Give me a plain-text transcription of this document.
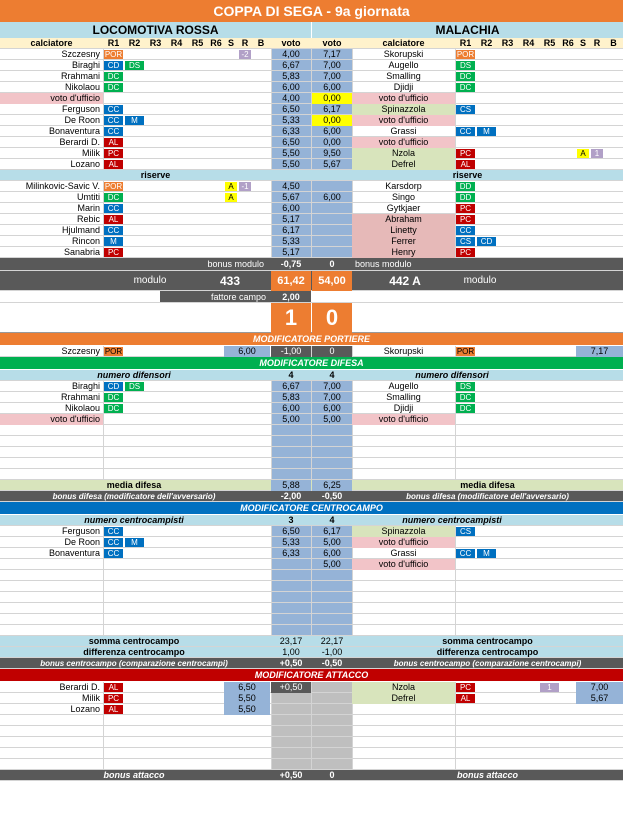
COPPA DI SEGA - 9a giornata
LOCOMOTIVA ROSSA	MALACHIA
calciatore	R1	R2	R3	R4	R5 R6 S R	B	voto	voto	calciatore	R1	R2	R3	R4	R5 R6 S R	B
Szczesny POR	-2	4,00	7,17	Skorupski	POR
Biraghi CD	DS	6,67	7,00	Augello	DS
Rrahmani DC	5,83	7,00	Smalling	DC
Nikolaou DC	6,00	6,00	Djidji	DC
voto d'ufficio	4,00	0,00	voto d'ufficio
Ferguson CC	6,50	6,17	Spinazzola	CS
De Roon CC	M	5,33	0,00	voto d'ufficio
Bonaventura CC	6,33	6,00	Grassi	CC	M
Berardi D.	AL	6,50	0,00	voto d'ufficio
Milik PC	5,50	9,50	Nzola	PC	A	1
Lozano	AL	5,50	5,67	Defrel	AL
riserve	riserve
Milinkovic-Savic V. POR	A -1	4,50	Karsdorp	DD
Umtiti DC	A	5,67	6,00	Singo	DD
Marin CC	6,00	Gytkjaer	PC
Rebic	AL	5,17	Abraham	PC
Hjulmand CC	6,17	Linetty	CC
Rincon	M	5,33	Ferrer	CS	CD
Sanabria PC	5,17	Henry	PC
bonus modulo	-0,75	0	bonus modulo
modulo	433	61,42	54,00	442 A	modulo
fattore campo	2,00
1	0
MODIFICATORE PORTIERE
Szczesny POR	6,00	-1,00	0	Skorupski	POR	7,17
MODIFICATORE DIFESA
numero difensori	4	4	numero difensori
Biraghi CD	DS	6,67	7,00	Augello	DS
Rrahmani DC	5,83	7,00	Smalling	DC
Nikolaou DC	6,00	6,00	Djidji	DC
voto d'ufficio	5,00	5,00	voto d'ufficio
media difesa	5,88	6,25	media difesa
bonus difesa (modificatore dell'avversario)	-2,00	-0,50	bonus difesa (modificatore dell'avversario)
MODIFICATORE CENTROCAMPO
numero centrocampisti	3	4	numero centrocampisti
Ferguson CC	6,50	6,17	Spinazzola	CS
De Roon CC	M	5,33	5,00	voto d'ufficio
Bonaventura CC	6,33	6,00	Grassi	CC	M
5,00	voto d'ufficio
somma centrocampo	23,17	22,17	somma centrocampo
differenza centrocampo	1,00	-1,00	differenza centrocampo
bonus centrocampo (comparazione centrocampi)	+0,50	-0,50	bonus centrocampo (comparazione centrocampi)
MODIFICATORE ATTACCO
Berardi D.	AL	6,50	+0,50	Nzola	PC	1	7,00
Milik PC	5,50	Defrel	AL	5,67
Lozano	AL	5,50
bonus attacco	+0,50	0	bonus attacco
